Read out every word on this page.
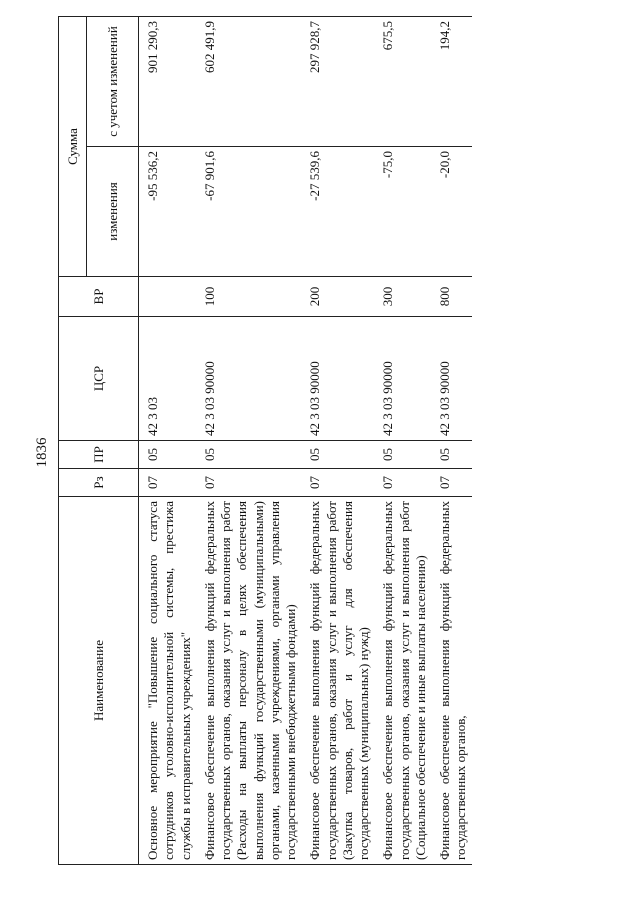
1836
Наименование	Рз	ПР	ЦСР	ВР	Сумма	
					изменения	с учетом изменений
Основное мероприятие "Повышение социального статуса сотрудников уголовно-исполнительной системы, престижа службы в исправительных учреждениях"	07	05	42 3 03		-95 536,2	901 290,3
Финансовое обеспечение выполнения функций федеральных государственных органов, оказания услуг и выполнения работ (Расходы на выплаты персоналу в целях обеспечения выполнения функций государственными (муниципальными) органами, казенными учреждениями, органами управления государственными внебюджетными фондами)	07	05	42 3 03 90000	100	-67 901,6	602 491,9
Финансовое обеспечение выполнения функций федеральных государственных органов, оказания услуг и выполнения работ (Закупка товаров, работ и услуг для обеспечения государственных (муниципальных) нужд)	07	05	42 3 03 90000	200	-27 539,6	297 928,7
Финансовое обеспечение выполнения функций федеральных государственных органов, оказания услуг и выполнения работ (Социальное обеспечение и иные выплаты населению)	07	05	42 3 03 90000	300	-75,0	675,5
Финансовое обеспечение выполнения функций федеральных государственных органов,	07	05	42 3 03 90000	800	-20,0	194,2
